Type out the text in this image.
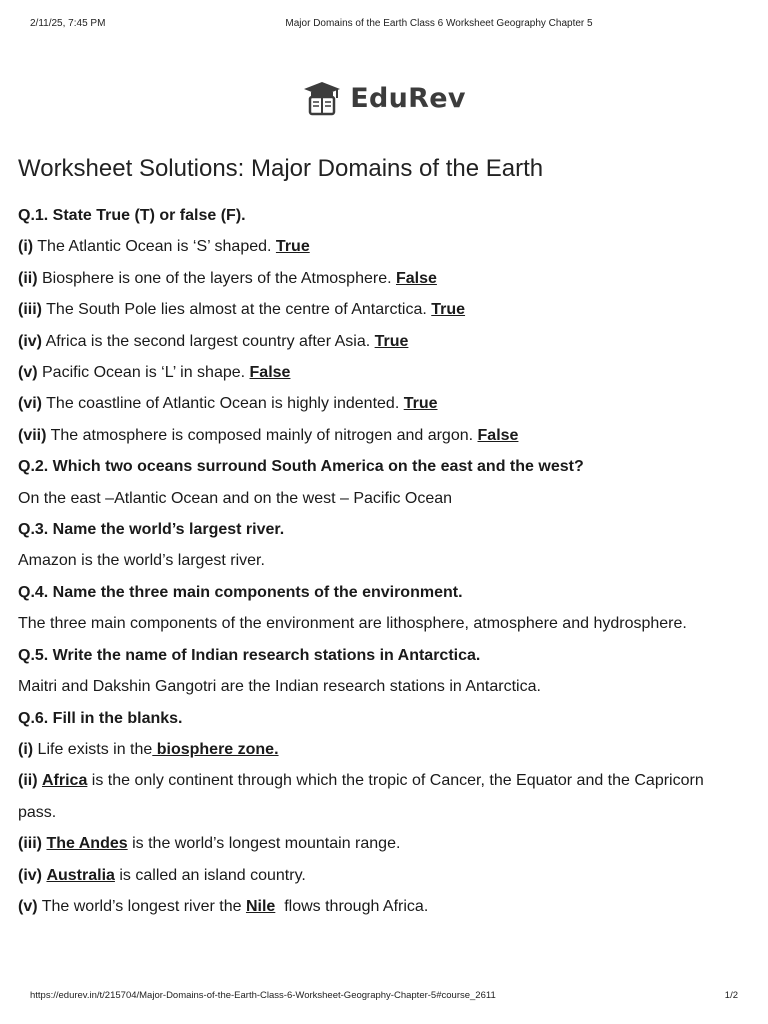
2/11/25, 7:45 PM	Major Domains of the Earth Class 6 Worksheet Geography Chapter 5
EduRev
Worksheet Solutions: Major Domains of the Earth

Q.1. State True (T) or false (F).

(i) The Atlantic Ocean is ‘S’ shaped. True

(ii) Biosphere is one of the layers of the Atmosphere. False

(iii) The South Pole lies almost at the centre of Antarctica. True

(iv) Africa is the second largest country after Asia. True

(v) Pacific Ocean is ‘L’ in shape. False

(vi) The coastline of Atlantic Ocean is highly indented. True

(vii) The atmosphere is composed mainly of nitrogen and argon. False

Q.2. Which two oceans surround South America on the east and the west?

On the east –Atlantic Ocean and on the west – Pacific Ocean

Q.3. Name the world’s largest river.

Amazon is the world’s largest river.

Q.4. Name the three main components of the environment.

The three main components of the environment are lithosphere, atmosphere and hydrosphere.

Q.5. Write the name of Indian research stations in Antarctica.

Maitri and Dakshin Gangotri are the Indian research stations in Antarctica.

Q.6. Fill in the blanks.

(i) Life exists in the biosphere zone.

(ii) Africa is the only continent through which the tropic of Cancer, the Equator and the Capricorn

pass.

(iii) The Andes is the world’s longest mountain range.

(iv) Australia is called an island country.

(v) The world’s longest river the Nile  flows through Africa.

https://edurev.in/t/215704/Major-Domains-of-the-Earth-Class-6-Worksheet-Geography-Chapter-5#course_2611	1/2
